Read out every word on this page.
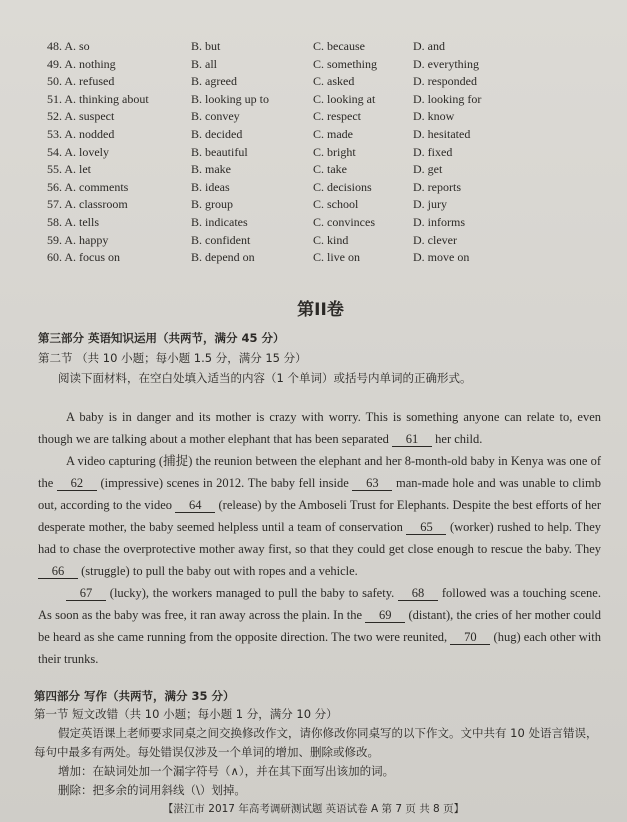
48. A. so	B. but	C. because	D. and
49. A. nothing	B. all	C. something	D. everything
50. A. refused	B. agreed	C. asked	D. responded
51. A. thinking about	B. looking up to	C. looking at	D. looking for
52. A. suspect	B. convey	C. respect	D. know
53. A. nodded	B. decided	C. made	D. hesitated
54. A. lovely	B. beautiful	C. bright	D. fixed
55. A. let	B. make	C. take	D. get
56. A. comments	B. ideas	C. decisions	D. reports
57. A. classroom	B. group	C. school	D. jury
58. A. tells	B. indicates	C. convinces	D. informs
59. A. happy	B. confident	C. kind	D. clever
60. A. focus on	B. depend on	C. live on	D. move on
第II卷
第三部分 英语知识运用（共两节，满分 45 分）
第二节 （共 10 小题；每小题 1.5 分，满分 15 分）
阅读下面材料，在空白处填入适当的内容（1 个单词）或括号内单词的正确形式。

A baby is in danger and its mother is crazy with worry. This is something anyone can relate to, even though we are talking about a mother elephant that has been separated 61 her child.

A video capturing (捕捉) the reunion between the elephant and her 8-month-old baby in Kenya was one of the 62 (impressive) scenes in 2012. The baby fell inside 63 man-made hole and was unable to climb out, according to the video 64 (release) by the Amboseli Trust for Elephants. Despite the best efforts of her desperate mother, the baby seemed helpless until a team of conservation 65 (worker) rushed to help. They had to chase the overprotective mother away first, so that they could get close enough to rescue the baby. They 66 (struggle) to pull the baby out with ropes and a vehicle.

67 (lucky), the workers managed to pull the baby to safety. 68 followed was a touching scene. As soon as the baby was free, it ran away across the plain. In the 69 (distant), the cries of her mother could be heard as she came running from the opposite direction. The two were reunited, 70 (hug) each other with their trunks.

第四部分 写作（共两节，满分 35 分）
第一节 短文改错（共 10 小题；每小题 1 分，满分 10 分）

假定英语课上老师要求同桌之间交换修改作文，请你修改你同桌写的以下作文。文中共有 10 处语言错误，每句中最多有两处。每处错误仅涉及一个单词的增加、删除或修改。

增加：在缺词处加一个漏字符号（∧），并在其下面写出该加的词。

删除：把多余的词用斜线（\）划掉。

【湛江市 2017 年高考调研测试题 英语试卷 A 第 7 页 共 8 页】
